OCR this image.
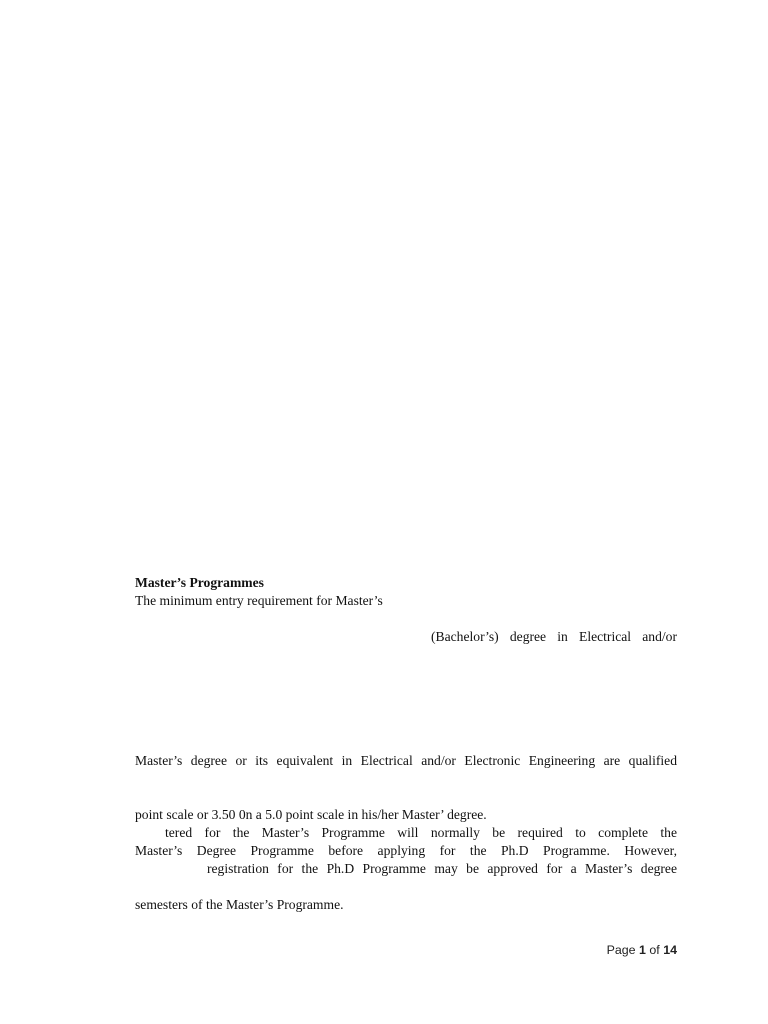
Master’s Programmes
The minimum entry requirement for Master’s
(Bachelor’s) degree in Electrical and/or
Master’s degree or its equivalent in Electrical and/or Electronic Engineering are qualified
point scale or 3.50 0n a 5.0 point scale in his/her Master’ degree.
tered for the Master’s Programme will normally be required to complete the
Master’s Degree Programme before applying for the Ph.D Programme. However,
registration for the Ph.D Programme may be approved for a Master’s degree
semesters of the Master’s Programme.
Page 1 of 14
